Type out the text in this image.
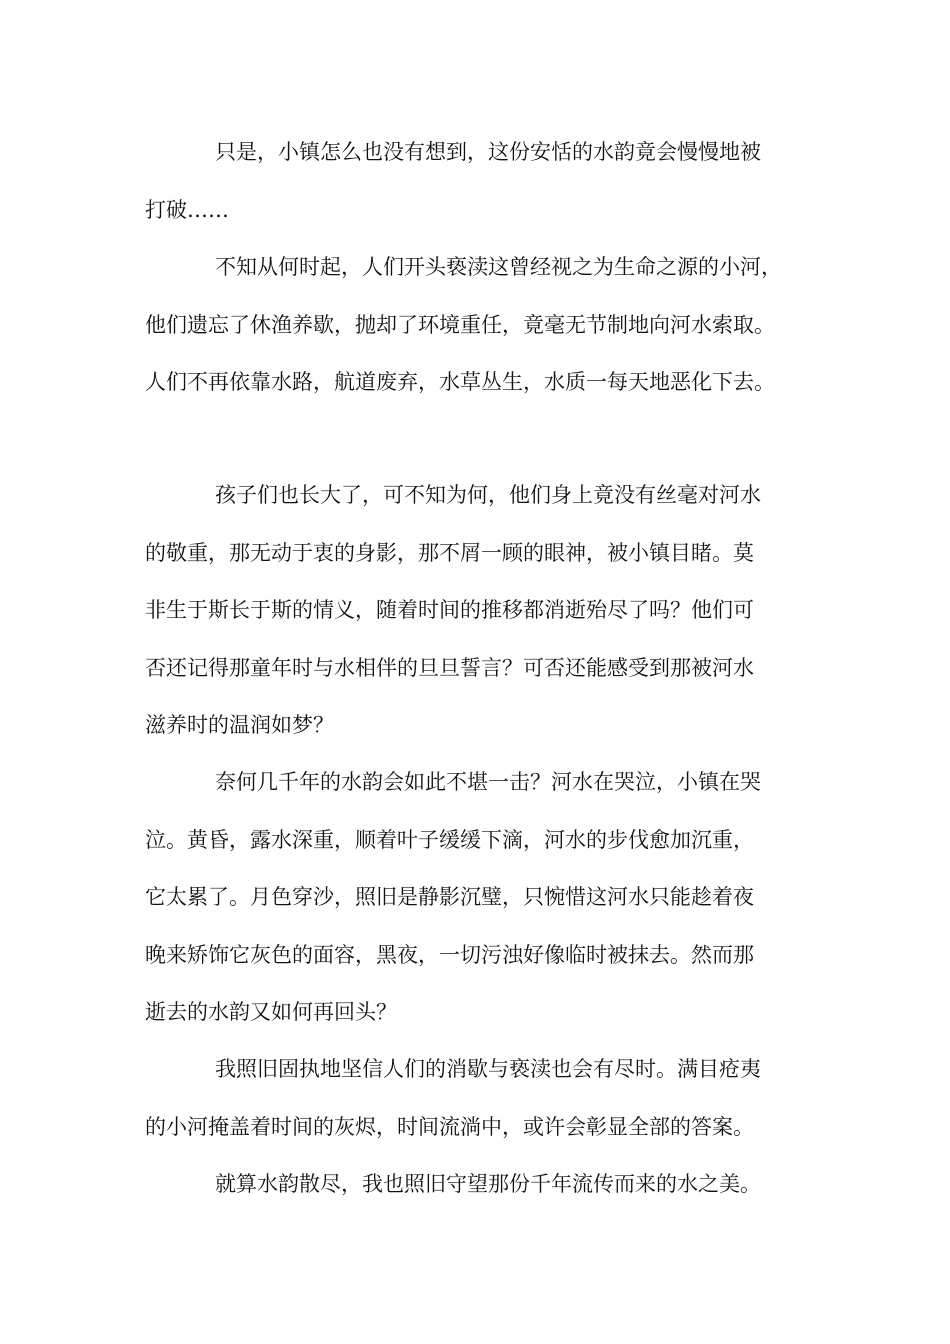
只是，小镇怎么也没有想到，这份安恬的水韵竟会慢慢地被
打破……
不知从何时起，人们开头亵渎这曾经视之为生命之源的小河，
他们遗忘了休渔养歇，抛却了环境重任，竟毫无节制地向河水索取。
人们不再依靠水路，航道废弃，水草丛生，水质一每天地恶化下去。
孩子们也长大了，可不知为何，他们身上竟没有丝毫对河水
的敬重，那无动于衷的身影，那不屑一顾的眼神，被小镇目睹。莫
非生于斯长于斯的情义，随着时间的推移都消逝殆尽了吗？他们可
否还记得那童年时与水相伴的旦旦誓言？可否还能感受到那被河水
滋养时的温润如梦？
奈何几千年的水韵会如此不堪一击？河水在哭泣，小镇在哭
泣。黄昏，露水深重，顺着叶子缓缓下滴，河水的步伐愈加沉重，
它太累了。月色穿沙，照旧是静影沉璧，只惋惜这河水只能趁着夜
晚来矫饰它灰色的面容，黑夜，一切污浊好像临时被抹去。然而那
逝去的水韵又如何再回头？
我照旧固执地坚信人们的消歇与亵渎也会有尽时。满目疮夷
的小河掩盖着时间的灰烬，时间流淌中，或许会彰显全部的答案。
就算水韵散尽，我也照旧守望那份千年流传而来的水之美。
